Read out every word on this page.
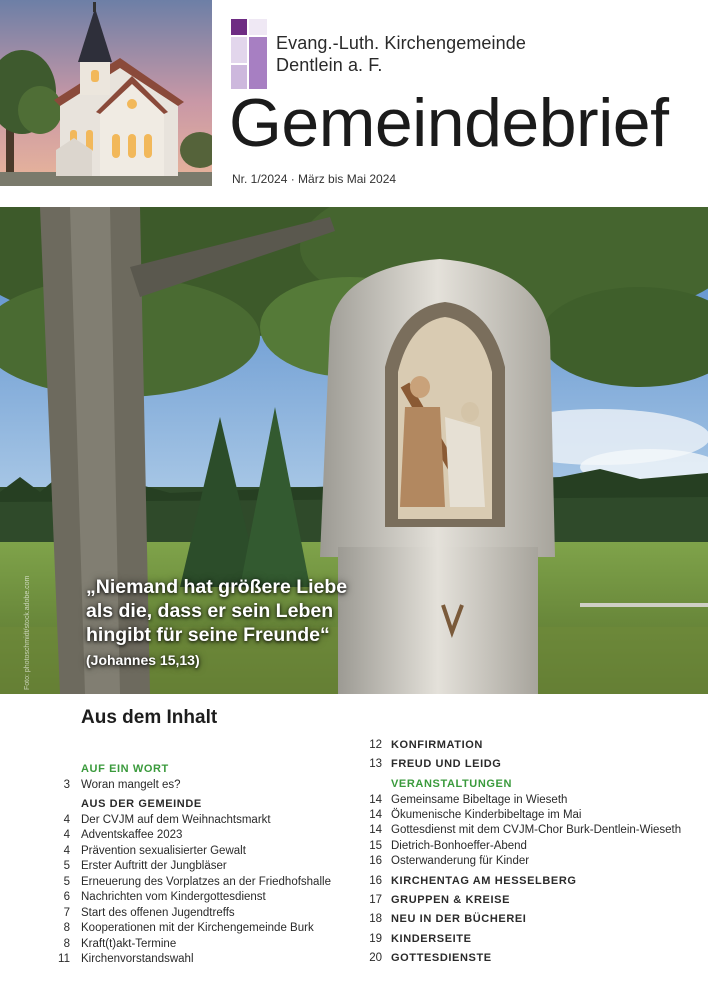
Evang.-Luth. Kirchengemeinde
Dentlein a. F.
Gemeindebrief
Nr. 1/2024 · März bis Mai 2024
Foto: photoschmidt/stock.adobe.com	„Niemand hat größere Liebe als die, dass er sein Leben hingibt für seine Freunde“ (Johannes 15,13)
Aus dem Inhalt
AUF EIN WORT
3 Woran mangelt es?
AUS DER GEMEINDE
4 Der CVJM auf dem Weihnachtsmarkt
4 Adventskaffee 2023
4 Prävention sexualisierter Gewalt
5 Erster Auftritt der Jungbläser
5 Erneuerung des Vorplatzes an der Friedhofshalle
6 Nachrichten vom Kindergottesdienst
7 Start des offenen Jugendtreffs
8 Kooperationen mit der Kirchengemeinde Burk
8 Kraft(t)akt-Termine
11 Kirchenvorstandswahl
12 KONFIRMATION
13 FREUD UND LEIDG
VERANSTALTUNGEN
14 Gemeinsame Bibeltage in Wieseth
14 Ökumenische Kinderbibeltage im Mai
14 Gottesdienst mit dem CVJM-Chor Burk-Dentlein-Wieseth
15 Dietrich-Bonhoeffer-Abend
16 Osterwanderung für Kinder
16 KIRCHENTAG AM HESSELBERG
17 GRUPPEN & KREISE
18 NEU IN DER BÜCHEREI
19 KINDERSEITE
20 GOTTESDIENSTE
